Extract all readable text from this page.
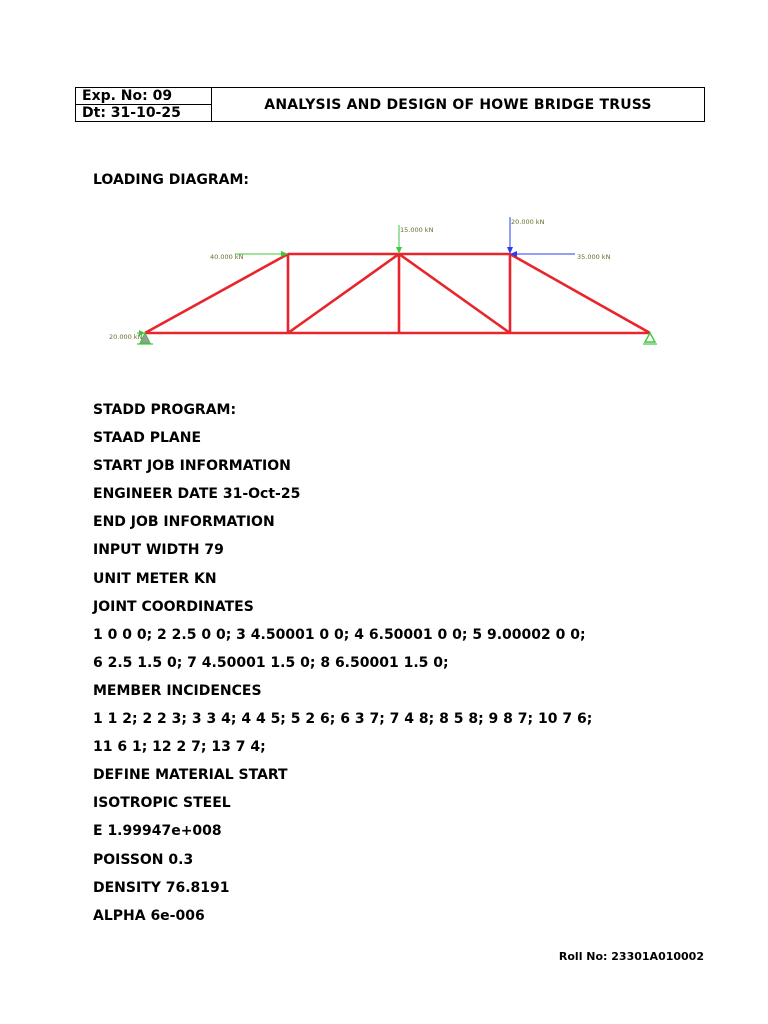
Exp. No: 09
Dt: 31-10-25
ANALYSIS AND DESIGN OF HOWE BRIDGE TRUSS
LOADING DIAGRAM:
40.000 kN
15.000 kN
20.000 kN
35.000 kN
20.000 kN
STADD PROGRAM:
STAAD PLANE
START JOB INFORMATION
ENGINEER DATE 31-Oct-25
END JOB INFORMATION
INPUT WIDTH 79
UNIT METER KN
JOINT COORDINATES
1 0 0 0; 2 2.5 0 0; 3 4.50001 0 0; 4 6.50001 0 0; 5 9.00002 0 0;
6 2.5 1.5 0; 7 4.50001 1.5 0; 8 6.50001 1.5 0;
MEMBER INCIDENCES
1 1 2; 2 2 3; 3 3 4; 4 4 5; 5 2 6; 6 3 7; 7 4 8; 8 5 8; 9 8 7; 10 7 6;
11 6 1; 12 2 7; 13 7 4;
DEFINE MATERIAL START
ISOTROPIC STEEL
E 1.99947e+008
POISSON 0.3
DENSITY 76.8191
ALPHA 6e-006
Roll No: 23301A010002
